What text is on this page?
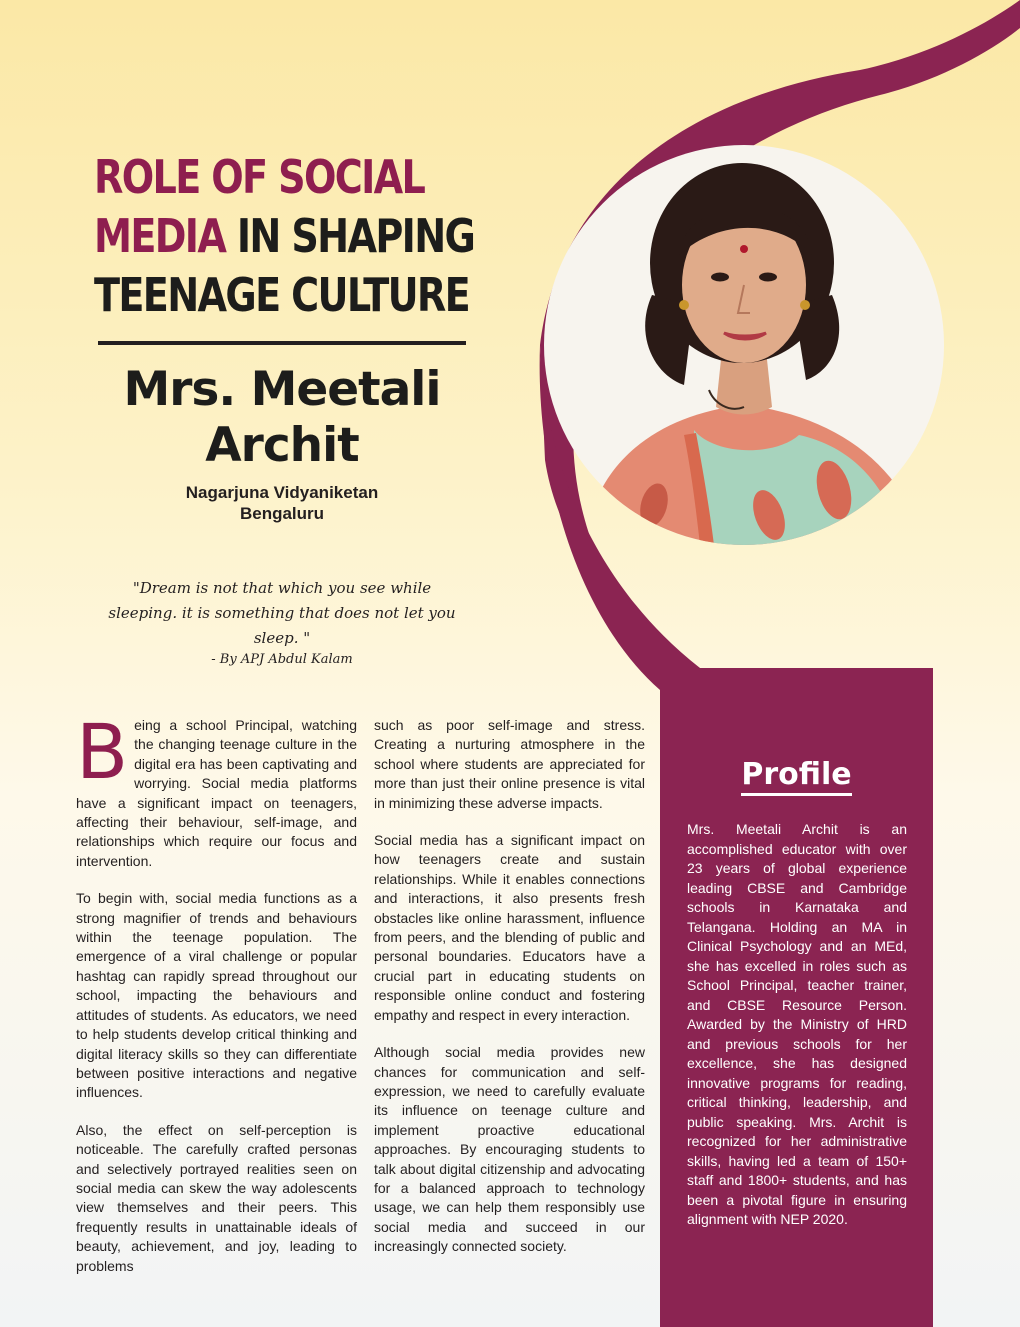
ROLE OF SOCIAL
MEDIA IN SHAPING
TEENAGE CULTURE
Mrs. Meetali
Archit
Nagarjuna Vidyaniketan
Bengaluru
"Dream is not that which you see while sleeping. it is something that does not let you sleep. "
- By APJ Abdul Kalam

Being a school Principal, watching the changing teenage culture in the digital era has been captivating and worrying. Social media platforms have a significant impact on teenagers, affecting their behaviour, self-image, and relationships which require our focus and intervention.

To begin with, social media functions as a strong magnifier of trends and behaviours within the teenage population. The emergence of a viral challenge or popular hashtag can rapidly spread throughout our school, impacting the behaviours and attitudes of students. As educators, we need to help students develop critical thinking and digital literacy skills so they can differentiate between positive interactions and negative influences.

Also, the effect on self-perception is noticeable. The carefully crafted personas and selectively portrayed realities seen on social media can skew the way adolescents view themselves and their peers. This frequently results in unattainable ideals of beauty, achievement, and joy, leading to problems

such as poor self-image and stress. Creating a nurturing atmosphere in the school where students are appreciated for more than just their online presence is vital in minimizing these adverse impacts.

Social media has a significant impact on how teenagers create and sustain relationships. While it enables connections and interactions, it also presents fresh obstacles like online harassment, influence from peers, and the blending of public and personal boundaries. Educators have a crucial part in educating students on responsible online conduct and fostering empathy and respect in every interaction.

Although social media provides new chances for communication and self-expression, we need to carefully evaluate its influence on teenage culture and implement proactive educational approaches. By encouraging students to talk about digital citizenship and advocating for a balanced approach to technology usage, we can help them responsibly use social media and succeed in our increasingly connected society.

Profile

Mrs. Meetali Archit is an accomplished educator with over 23 years of global experience leading CBSE and Cambridge schools in Karnataka and Telangana. Holding an MA in Clinical Psychology and an MEd, she has excelled in roles such as School Principal, teacher trainer, and CBSE Resource Person. Awarded by the Ministry of HRD and previous schools for her excellence, she has designed innovative programs for reading, critical thinking, leadership, and public speaking. Mrs. Archit is recognized for her administrative skills, having led a team of 150+ staff and 1800+ students, and has been a pivotal figure in ensuring alignment with NEP 2020.
